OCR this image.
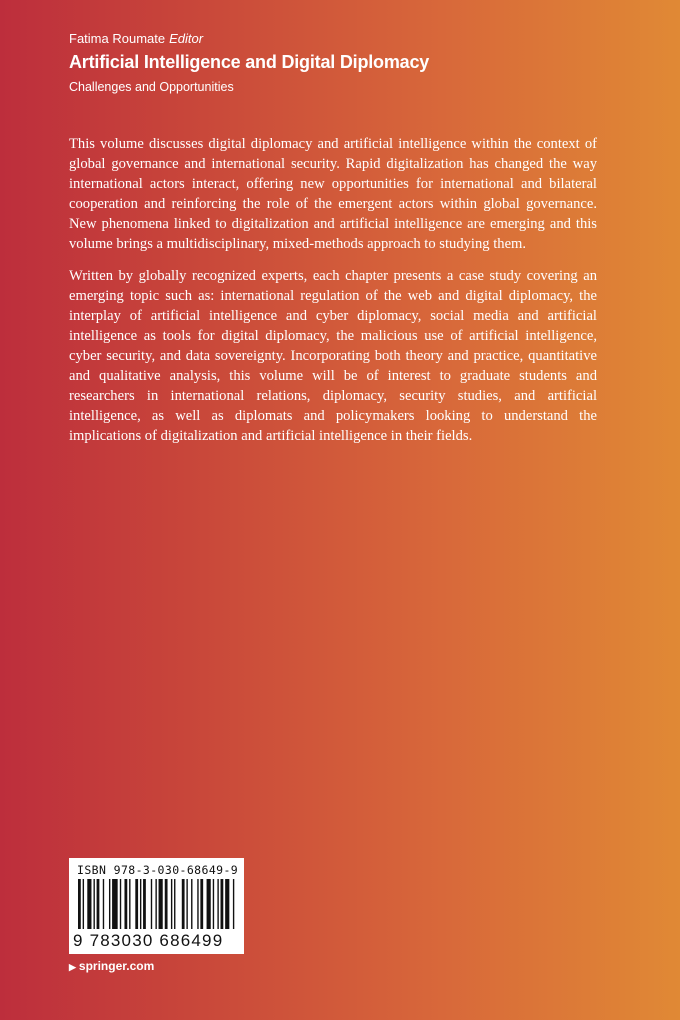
Fatima Roumate Editor
Artificial Intelligence and Digital Diplomacy
Challenges and Opportunities

This volume discusses digital diplomacy and artificial intelligence within the context of global governance and international security. Rapid digitalization has changed the way international actors interact, offering new opportunities for international and bilateral cooperation and reinforcing the role of the emergent actors within global governance. New phenomena linked to digitalization and artificial intelligence are emerging and this volume brings a multidisciplinary, mixed-methods approach to studying them.

Written by globally recognized experts, each chapter presents a case study covering an emerging topic such as: international regulation of the web and digital diplomacy, the interplay of artificial intelligence and cyber diplomacy, social media and artificial intelligence as tools for digital diplomacy, the malicious use of artificial intelligence, cyber security, and data sovereignty. Incorporating both theory and practice, quantitative and qualitative analysis, this volume will be of interest to graduate students and researchers in international relations, diplomacy, security studies, and artificial intelligence, as well as diplomats and policymakers looking to understand the implications of digitalization and artificial intelligence in their fields.

ISBN 978-3-030-68649-9
9 783030 686499
▶ springer.com
